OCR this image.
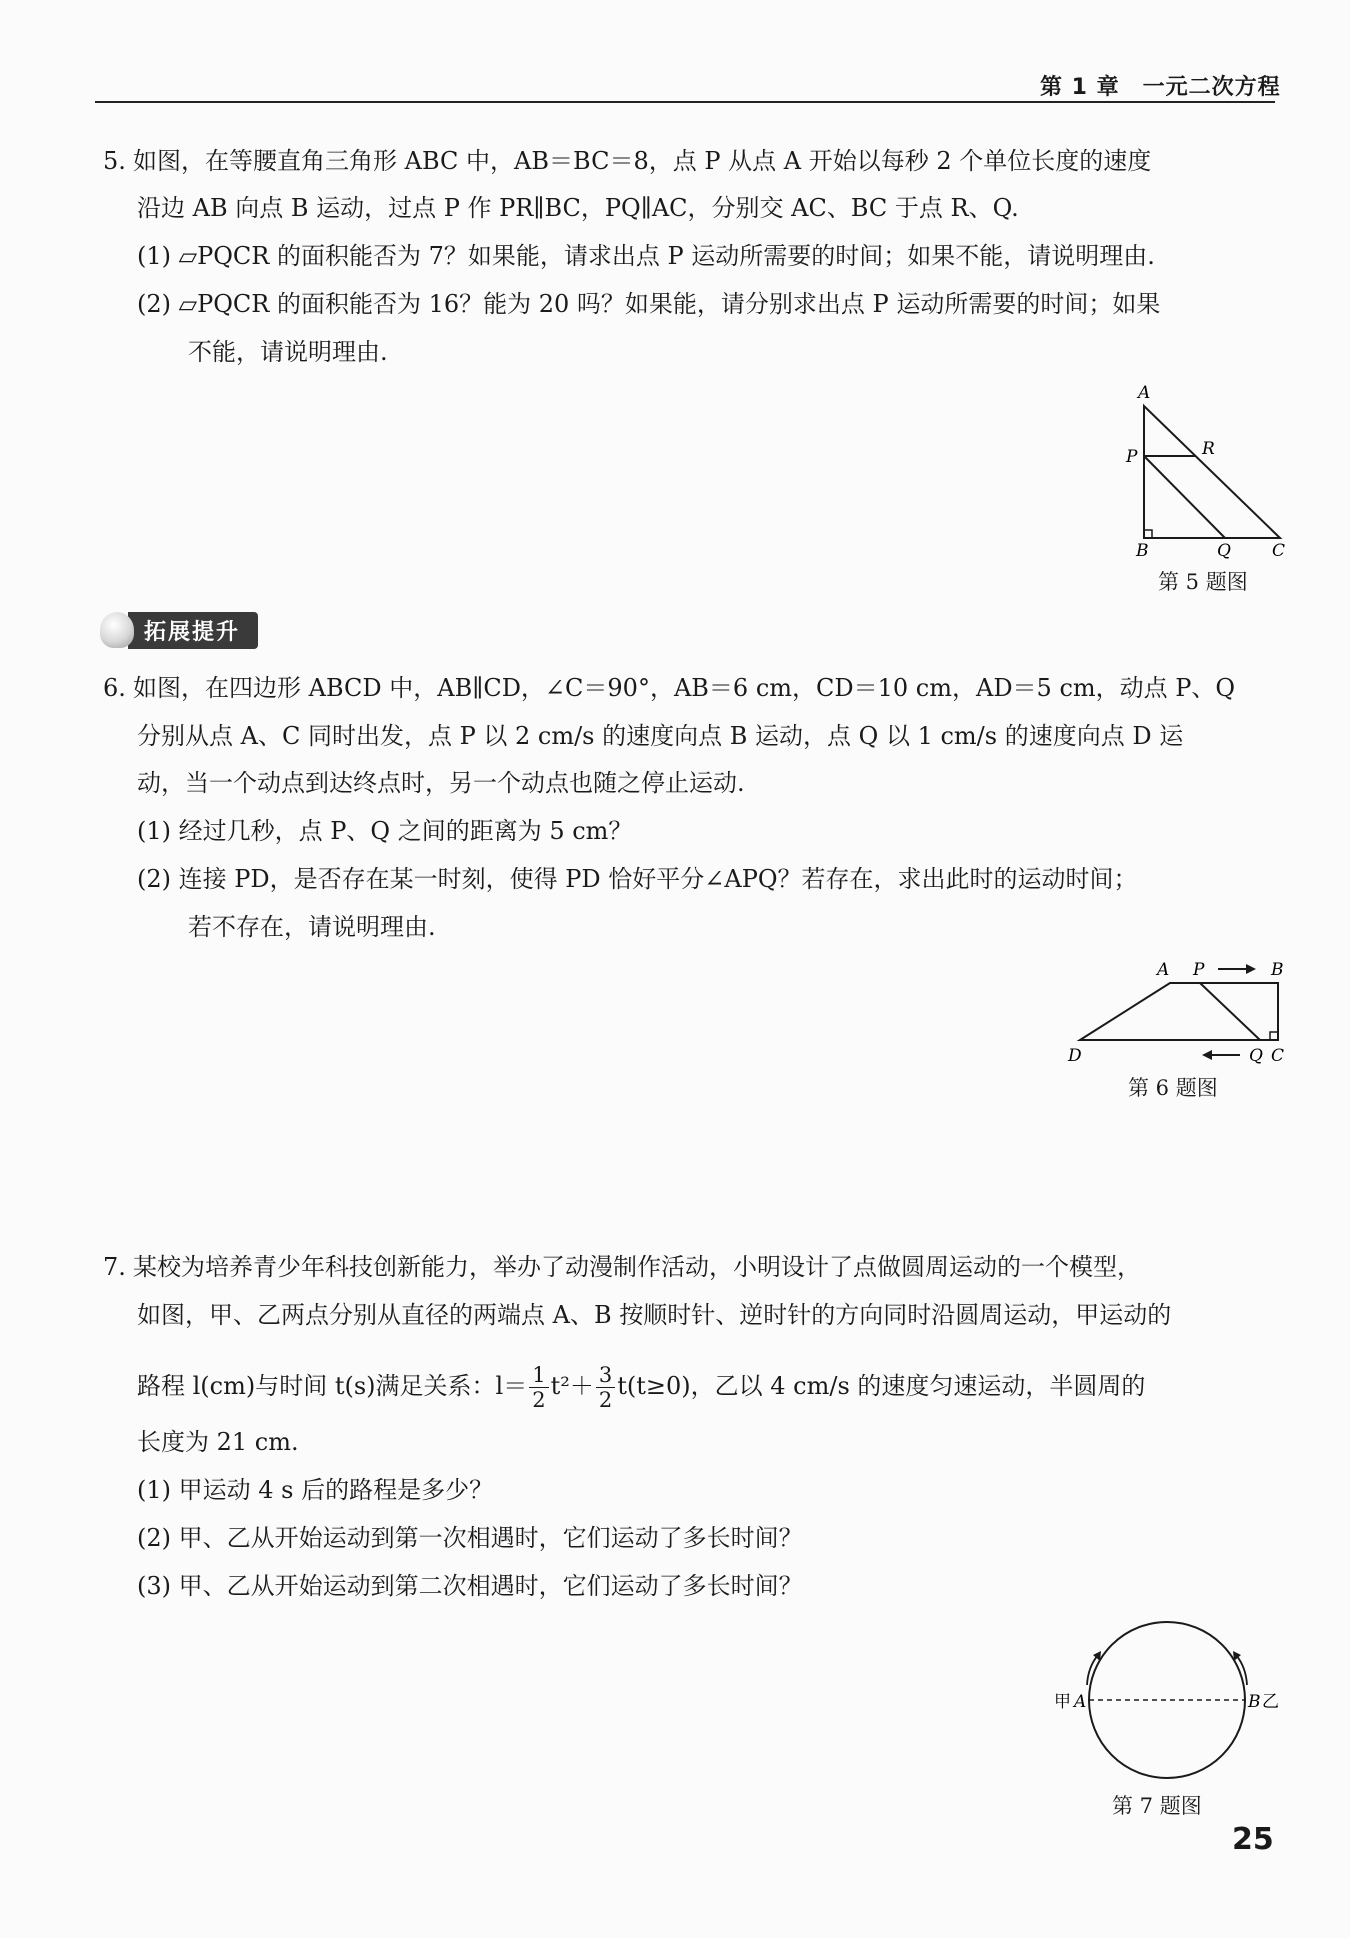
第 1 章　一元二次方程
5. 如图，在等腰直角三角形 ABC 中，AB＝BC＝8，点 P 从点 A 开始以每秒 2 个单位长度的速度
沿边 AB 向点 B 运动，过点 P 作 PR∥BC，PQ∥AC，分别交 AC、BC 于点 R、Q.
(1) ▱PQCR 的面积能否为 7？如果能，请求出点 P 运动所需要的时间；如果不能，请说明理由.
(2) ▱PQCR 的面积能否为 16？能为 20 吗？如果能，请分别求出点 P 运动所需要的时间；如果
不能，请说明理由.
A
P	R
B	Q C
第 5 题图
拓展提升
6. 如图，在四边形 ABCD 中，AB∥CD，∠C＝90°，AB＝6 cm，CD＝10 cm，AD＝5 cm，动点 P、Q
分别从点 A、C 同时出发，点 P 以 2 cm/s 的速度向点 B 运动，点 Q 以 1 cm/s 的速度向点 D 运
动，当一个动点到达终点时，另一个动点也随之停止运动.
(1) 经过几秒，点 P、Q 之间的距离为 5 cm？
(2) 连接 PD，是否存在某一时刻，使得 PD 恰好平分∠APQ？若存在，求出此时的运动时间；
若不存在，请说明理由.
A P	B
D	Q C
第 6 题图
7. 某校为培养青少年科技创新能力，举办了动漫制作活动，小明设计了点做圆周运动的一个模型，
如图，甲、乙两点分别从直径的两端点 A、B 按顺时针、逆时针的方向同时沿圆周运动，甲运动的
路程 l(cm)与时间 t(s)满足关系：$l= \frac{1}{2} t^2+ \frac{3}{2} t(t\ge 0)$，乙以 4 cm/s 的速度匀速运动，半圆周的
长度为 21 cm.
(1) 甲运动 4 s 后的路程是多少？
(2) 甲、乙从开始运动到第一次相遇时，它们运动了多长时间？
(3) 甲、乙从开始运动到第二次相遇时，它们运动了多长时间？
甲 A	B 乙
第 7 题图
25
